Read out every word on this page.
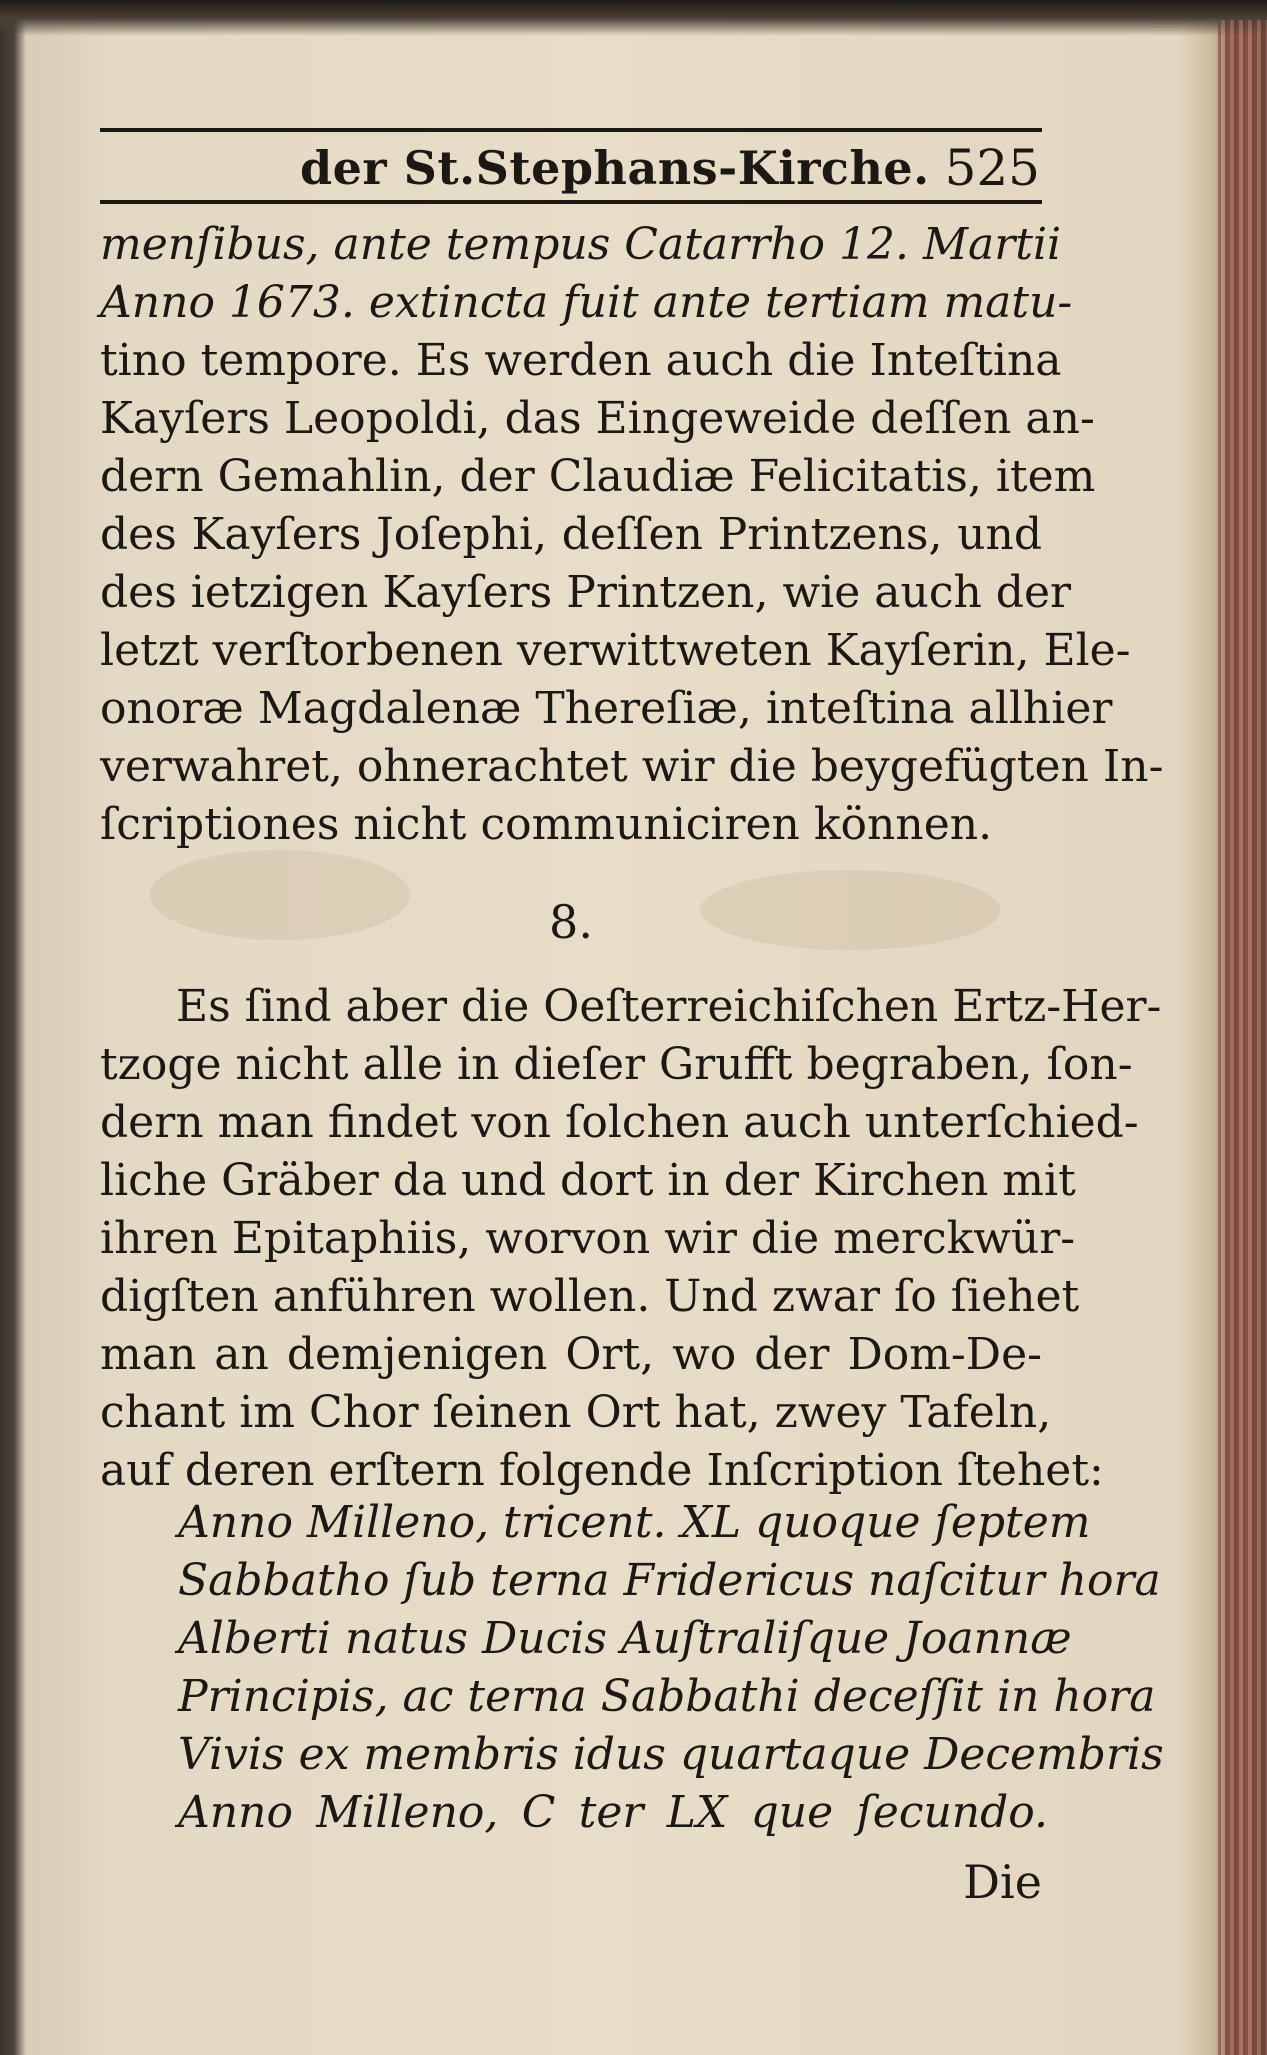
der St.Stephans-Kirche. 525
menſibus, ante tempus Catarrho 12. Martii
Anno 1673. extincta fuit ante tertiam matu-
tino tempore. Es werden auch die Inteſtina
Kayſers Leopoldi, das Eingeweide deſſen an-
dern Gemahlin, der Claudiæ Felicitatis, item
des Kayſers Joſephi, deſſen Printzens, und
des ietzigen Kayſers Printzen, wie auch der
letzt verſtorbenen verwittweten Kayſerin, Ele-
onoræ Magdalenæ Thereſiæ, inteſtina allhier
verwahret, ohnerachtet wir die beygefügten In-
ſcriptiones nicht communiciren können.
8.
Es ſind aber die Oeſterreichiſchen Ertz-Her-
tzoge nicht alle in dieſer Grufft begraben, ſon-
dern man findet von ſolchen auch unterſchied-
liche Gräber da und dort in der Kirchen mit
ihren Epitaphiis, worvon wir die merckwür-
digſten anführen wollen. Und zwar ſo ſiehet
man an demjenigen Ort, wo der Dom-De-
chant im Chor ſeinen Ort hat, zwey Tafeln,
auf deren erſtern folgende Inſcription ſtehet:
Anno Milleno, tricent. XL quoque ſeptem
Sabbatho ſub terna Fridericus naſcitur hora
Alberti natus Ducis Auſtraliſque Joannæ
Principis, ac terna Sabbathi deceſſit in hora
Vivis ex membris idus quartaque Decembris
Anno Milleno, C ter LX que ſecundo.
Die
